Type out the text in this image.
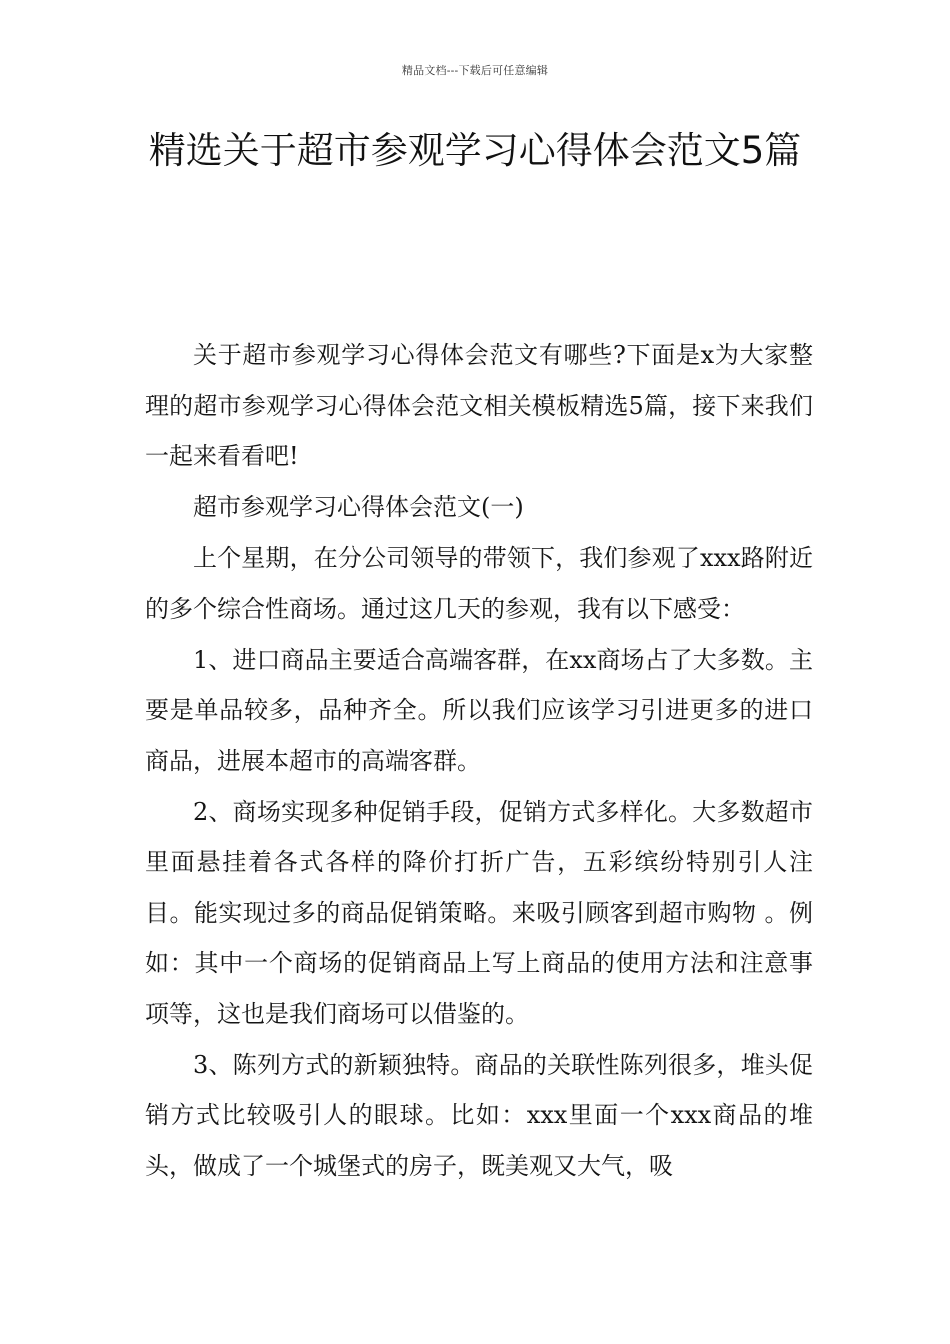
精品文档---下载后可任意编辑
精选关于超市参观学习心得体会范文5篇

关于超市参观学习心得体会范文有哪些?下面是x为大家整理的超市参观学习心得体会范文相关模板精选5篇，接下来我们一起来看看吧!

超市参观学习心得体会范文(一)

上个星期，在分公司领导的带领下，我们参观了xxx路附近的多个综合性商场。通过这几天的参观，我有以下感受：

1、进口商品主要适合高端客群，在xx商场占了大多数。主要是单品较多，品种齐全。所以我们应该学习引进更多的进口商品，进展本超市的高端客群。

2、商场实现多种促销手段，促销方式多样化。大多数超市里面悬挂着各式各样的降价打折广告，五彩缤纷特别引人注目。能实现过多的商品促销策略。来吸引顾客到超市购物 。例如：其中一个商场的促销商品上写上商品的使用方法和注意事项等，这也是我们商场可以借鉴的。

3、陈列方式的新颖独特。商品的关联性陈列很多，堆头促销方式比较吸引人的眼球。比如：xxx里面一个xxx商品的堆头，做成了一个城堡式的房子，既美观又大气，吸
